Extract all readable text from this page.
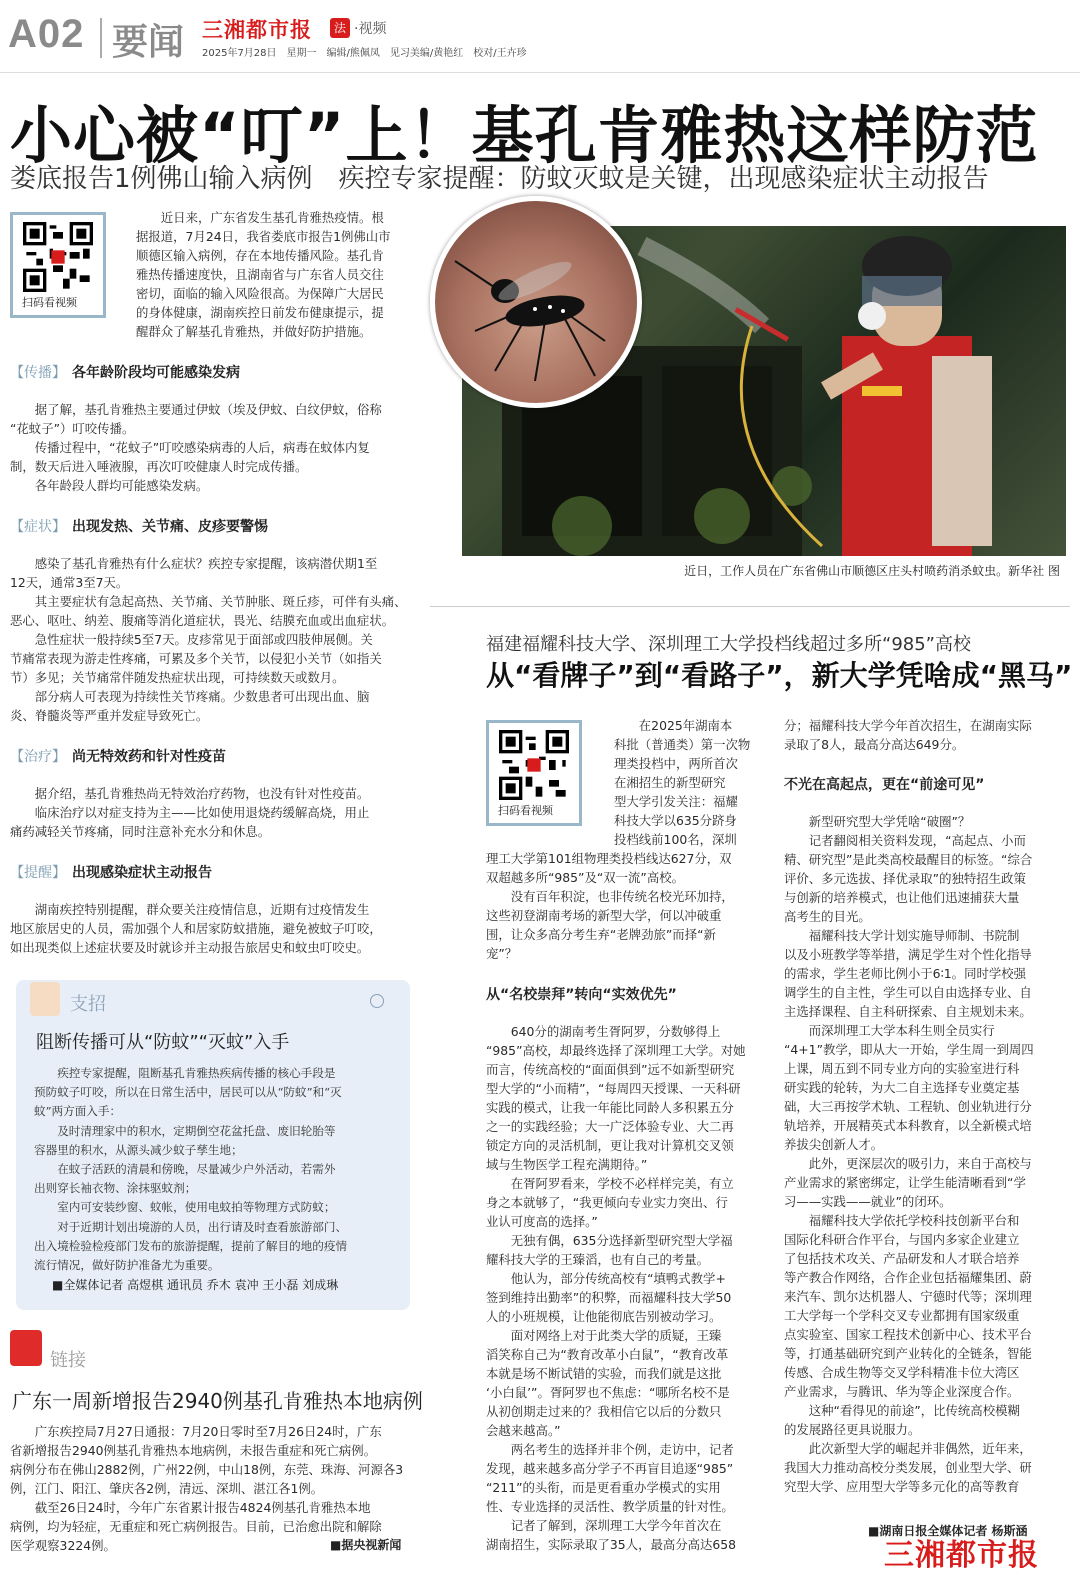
A02 要闻 三湘都市报	法 ·视频
2025年7月28日　星期一　编辑/熊佩凤　见习美编/黄艳红　校对/王卉珍
小心被“叮”上！基孔肯雅热这样防范
娄底报告1例佛山输入病例　疾控专家提醒：防蚊灭蚊是关键，出现感染症状主动报告
扫码看视频
近日来，广东省发生基孔肯雅热疫情。根
据报道，7月24日，我省娄底市报告1例佛山市
顺德区输入病例，存在本地传播风险。基孔肯
雅热传播速度快，且湖南省与广东省人员交往
密切，面临的输入风险很高。为保障广大居民
的身体健康，湖南疾控日前发布健康提示，提
醒群众了解基孔肯雅热，并做好防护措施。
【传播】 各年龄阶段均可能感染发病
据了解，基孔肯雅热主要通过伊蚊（埃及伊蚊、白纹伊蚊，俗称
“花蚊子”）叮咬传播。
传播过程中，“花蚊子”叮咬感染病毒的人后，病毒在蚊体内复
制，数天后进入唾液腺，再次叮咬健康人时完成传播。
各年龄段人群均可能感染发病。
【症状】 出现发热、关节痛、皮疹要警惕
感染了基孔肯雅热有什么症状？疾控专家提醒，该病潜伏期1至
12天，通常3至7天。
其主要症状有急起高热、关节痛、关节肿胀、斑丘疹，可伴有头痛、
恶心、呕吐、纳差、腹痛等消化道症状，畏光、结膜充血或出血症状。
急性症状一般持续5至7天。皮疹常见于面部或四肢伸展侧。关
节痛常表现为游走性疼痛，可累及多个关节，以侵犯小关节（如指关
节）多见；关节痛常伴随发热症状出现，可持续数天或数月。
部分病人可表现为持续性关节疼痛。少数患者可出现出血、脑
炎、脊髓炎等严重并发症导致死亡。
【治疗】 尚无特效药和针对性疫苗
据介绍，基孔肯雅热尚无特效治疗药物，也没有针对性疫苗。
临床治疗以对症支持为主——比如使用退烧药缓解高烧，用止
痛药减轻关节疼痛，同时注意补充水分和休息。
【提醒】 出现感染症状主动报告
湖南疾控特别提醒，群众要关注疫情信息，近期有过疫情发生
地区旅居史的人员，需加强个人和居家防蚊措施，避免被蚊子叮咬，
如出现类似上述症状要及时就诊并主动报告旅居史和蚊虫叮咬史。
支招
阻断传播可从“防蚊”“灭蚊”入手
疾控专家提醒，阻断基孔肯雅热疾病传播的核心手段是
预防蚊子叮咬，所以在日常生活中，居民可以从“防蚊”和“灭
蚊”两方面入手：
及时清理家中的积水，定期倒空花盆托盘、废旧轮胎等
容器里的积水，从源头减少蚊子孳生地；
在蚊子活跃的清晨和傍晚，尽量减少户外活动，若需外
出则穿长袖衣物、涂抹驱蚊剂；
室内可安装纱窗、蚊帐，使用电蚊拍等物理方式防蚊；
对于近期计划出境游的人员，出行请及时查看旅游部门、
出入境检验检疫部门发布的旅游提醒，提前了解目的地的疫情
流行情况，做好防护准备尤为重要。
■全媒体记者 高煜棋 通讯员 乔木 袁冲 王小磊 刘成琳
链接
广东一周新增报告2940例基孔肯雅热本地病例
广东疾控局7月27日通报：7月20日零时至7月26日24时，广东
省新增报告2940例基孔肯雅热本地病例，未报告重症和死亡病例。
病例分布在佛山2882例，广州22例，中山18例，东莞、珠海、河源各3
例，江门、阳江、肇庆各2例，清远、深圳、湛江各1例。
截至26日24时，今年广东省累计报告4824例基孔肯雅热本地
病例，均为轻症，无重症和死亡病例报告。目前，已治愈出院和解除
医学观察3224例。	■据央视新闻
近日，工作人员在广东省佛山市顺德区庄头村喷药消杀蚊虫。新华社 图
福建福耀科技大学、深圳理工大学投档线超过多所“985”高校
从“看牌子”到“看路子”，新大学凭啥成“黑马”
扫码看视频
在2025年湖南本
科批（普通类）第一次物
理类投档中，两所首次
在湘招生的新型研究
型大学引发关注：福耀
科技大学以635分跻身
投档线前100名，深圳
理工大学第101组物理类投档线达627分，双
双超越多所“985”及“双一流”高校。
　　没有百年积淀，也非传统名校光环加持，
这些初登湖南考场的新型大学，何以冲破重
围，让众多高分考生弃“老牌劲旅”而择“新
宠”？
从“名校崇拜”转向“实效优先”
　　640分的湖南考生胥阿罗，分数够得上
“985”高校，却最终选择了深圳理工大学。对她
而言，传统高校的“面面俱到”远不如新型研究
型大学的“小而精”，“每周四天授课、一天科研
实践的模式，让我一年能比同龄人多积累五分
之一的实践经验；大一广泛体验专业、大二再
锁定方向的灵活机制，更让我对计算机交叉领
域与生物医学工程充满期待。”
　　在胥阿罗看来，学校不必样样完美，有立
身之本就够了，“我更倾向专业实力突出、行
业认可度高的选择。”
　　无独有偶，635分选择新型研究型大学福
耀科技大学的王臻滔，也有自己的考量。
　　他认为，部分传统高校有“填鸭式教学+
签到维持出勤率”的积弊，而福耀科技大学50
人的小班规模，让他能彻底告别被动学习。
　　面对网络上对于此类大学的质疑，王臻
滔笑称自己为“教育改革小白鼠”，“教育改革
本就是场不断试错的实验，而我们就是这批
‘小白鼠’”。胥阿罗也不焦虑：“哪所名校不是
从初创期走过来的？我相信它以后的分数只
会越来越高。”
　　两名考生的选择并非个例，走访中，记者
发现，越来越多高分学子不再盲目追逐“985”
“211”的头衔，而是更看重办学模式的实用
性、专业选择的灵活性、教学质量的针对性。
　　记者了解到，深圳理工大学今年首次在
湖南招生，实际录取了35人，最高分高达658
分；福耀科技大学今年首次招生，在湖南实际
录取了8人，最高分高达649分。
不光在高起点，更在“前途可见”
　　新型研究型大学凭啥“破圈”？
　　记者翻阅相关资料发现，“高起点、小而
精、研究型”是此类高校最醒目的标签。“综合
评价、多元选拔、择优录取”的独特招生政策
与创新的培养模式，也让他们迅速捕获大量
高考生的目光。
　　福耀科技大学计划实施导师制、书院制
以及小班教学等举措，满足学生对个性化指导
的需求，学生老师比例小于6∶1。同时学校强
调学生的自主性，学生可以自由选择专业、自
主选择课程、自主科研探索、自主规划未来。
　　而深圳理工大学本科生则全员实行
“4+1”教学，即从大一开始，学生周一到周四
上课，周五到不同专业方向的实验室进行科
研实践的轮转，为大二自主选择专业奠定基
础，大三再按学术轨、工程轨、创业轨进行分
轨培养，开展精英式本科教育，以全新模式培
养拔尖创新人才。
　　此外，更深层次的吸引力，来自于高校与
产业需求的紧密绑定，让学生能清晰看到“学
习——实践——就业”的闭环。
　　福耀科技大学依托学校科技创新平台和
国际化科研合作平台，与国内多家企业建立
了包括技术攻关、产品研发和人才联合培养
等产教合作网络，合作企业包括福耀集团、蔚
来汽车、凯尔达机器人、宁德时代等；深圳理
工大学每一个学科交叉专业都拥有国家级重
点实验室、国家工程技术创新中心、技术平台
等，打通基础研究到产业转化的全链条，智能
传感、合成生物等交叉学科精准卡位大湾区
产业需求，与腾讯、华为等企业深度合作。
　　这种“看得见的前途”，比传统高校模糊
的发展路径更具说服力。
　　此次新型大学的崛起并非偶然，近年来，
我国大力推动高校分类发展，创业型大学、研
究型大学、应用型大学等多元化的高等教育
■湖南日报全媒体记者 杨斯涵
三湘都市报
